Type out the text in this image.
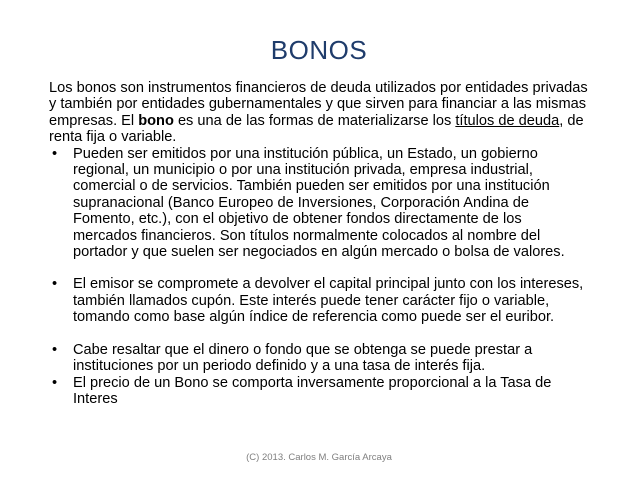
BONOS

Los bonos son instrumentos financieros de deuda utilizados por entidades privadas y también por entidades gubernamentales y que sirven para financiar a las mismas empresas. El bono es una de las formas de materializarse los títulos de deuda, de renta fija o variable.

• Pueden ser emitidos por una institución pública, un Estado, un gobierno regional, un municipio o por una institución privada, empresa industrial, comercial o de servicios. También pueden ser emitidos por una institución supranacional (Banco Europeo de Inversiones, Corporación Andina de Fomento, etc.), con el objetivo de obtener fondos directamente de los mercados financieros. Son títulos normalmente colocados al nombre del portador y que suelen ser negociados en algún mercado o bolsa de valores.

• El emisor se compromete a devolver el capital principal junto con los intereses, también llamados cupón. Este interés puede tener carácter fijo o variable, tomando como base algún índice de referencia como puede ser el euribor.

• Cabe resaltar que el dinero o fondo que se obtenga se puede prestar a instituciones por un periodo definido y a una tasa de interés fija.

• El precio de un Bono se comporta inversamente proporcional a la Tasa de Interes

(C) 2013. Carlos M. García Arcaya
